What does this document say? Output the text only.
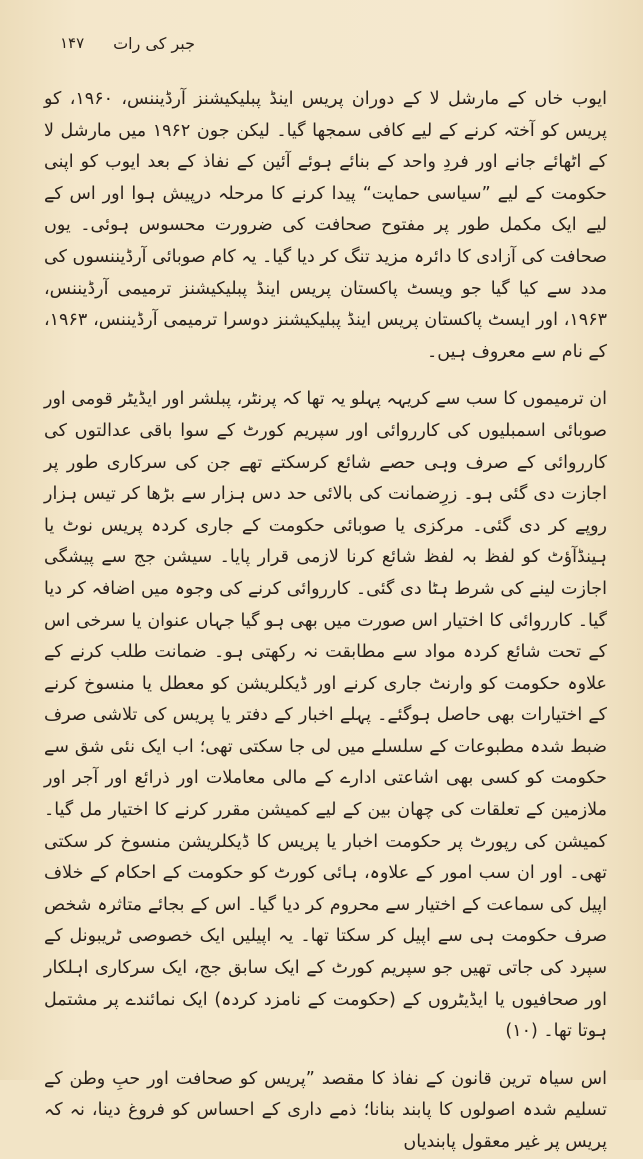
جبر کی رات
۱۴۷

ایوب خاں کے مارشل لا کے دوران پریس اینڈ پبلیکیشنز آرڈیننس، ۱۹۶۰، کو پریس کو آختہ کرنے کے لیے کافی سمجھا گیا۔ لیکن جون ۱۹۶۲ میں مارشل لا کے اٹھائے جانے اور فردِ واحد کے بنائے ہوئے آئین کے نفاذ کے بعد ایوب کو اپنی حکومت کے لیے ”سیاسی حمایت“ پیدا کرنے کا مرحلہ درپیش ہوا اور اس کے لیے ایک مکمل طور پر مفتوح صحافت کی ضرورت محسوس ہوئی۔ یوں صحافت کی آزادی کا دائرہ مزید تنگ کر دیا گیا۔ یہ کام صوبائی آرڈیننسوں کی مدد سے کیا گیا جو ویسٹ پاکستان پریس اینڈ پبلیکیشنز ترمیمی آرڈیننس، ۱۹۶۳، اور ایسٹ پاکستان پریس اینڈ پبلیکیشنز دوسرا ترمیمی آرڈیننس، ۱۹۶۳، کے نام سے معروف ہیں۔

ان ترمیموں کا سب سے کریہہ پہلو یہ تھا کہ پرنٹر، پبلشر اور ایڈیٹر قومی اور صوبائی اسمبلیوں کی کارروائی اور سپریم کورٹ کے سوا باقی عدالتوں کی کارروائی کے صرف وہی حصے شائع کرسکتے تھے جن کی سرکاری طور پر اجازت دی گئی ہو۔ زرِضمانت کی بالائی حد دس ہزار سے بڑھا کر تیس ہزار روپے کر دی گئی۔ مرکزی یا صوبائی حکومت کے جاری کردہ پریس نوٹ یا ہینڈآؤٹ کو لفظ بہ لفظ شائع کرنا لازمی قرار پایا۔ سیشن جج سے پیشگی اجازت لینے کی شرط ہٹا دی گئی۔ کارروائی کرنے کی وجوہ میں اضافہ کر دیا گیا۔ کارروائی کا اختیار اس صورت میں بھی ہو گیا جہاں عنوان یا سرخی اس کے تحت شائع کردہ مواد سے مطابقت نہ رکھتی ہو۔ ضمانت طلب کرنے کے علاوہ حکومت کو وارنٹ جاری کرنے اور ڈیکلریشن کو معطل یا منسوخ کرنے کے اختیارات بھی حاصل ہوگئے۔ پہلے اخبار کے دفتر یا پریس کی تلاشی صرف ضبط شدہ مطبوعات کے سلسلے میں لی جا سکتی تھی؛ اب ایک نئی شق سے حکومت کو کسی بھی اشاعتی ادارے کے مالی معاملات اور ذرائع اور آجر اور ملازمین کے تعلقات کی چھان بین کے لیے کمیشن مقرر کرنے کا اختیار مل گیا۔ کمیشن کی رپورٹ پر حکومت اخبار یا پریس کا ڈیکلریشن منسوخ کر سکتی تھی۔ اور ان سب امور کے علاوہ، ہائی کورٹ کو حکومت کے احکام کے خلاف اپیل کی سماعت کے اختیار سے محروم کر دیا گیا۔ اس کے بجائے متاثرہ شخص صرف حکومت ہی سے اپیل کر سکتا تھا۔ یہ اپیلیں ایک خصوصی ٹریبونل کے سپرد کی جاتی تھیں جو سپریم کورٹ کے ایک سابق جج، ایک سرکاری اہلکار اور صحافیوں یا ایڈیٹروں کے (حکومت کے نامزد کردہ) ایک نمائندے پر مشتمل ہوتا تھا۔ (۱۰)

اس سیاہ ترین قانون کے نفاذ کا مقصد ”پریس کو صحافت اور حبِ وطن کے تسلیم شدہ اصولوں کا پابند بنانا؛ ذمے داری کے احساس کو فروغ دینا، نہ کہ پریس پر غیر معقول پابندیاں
